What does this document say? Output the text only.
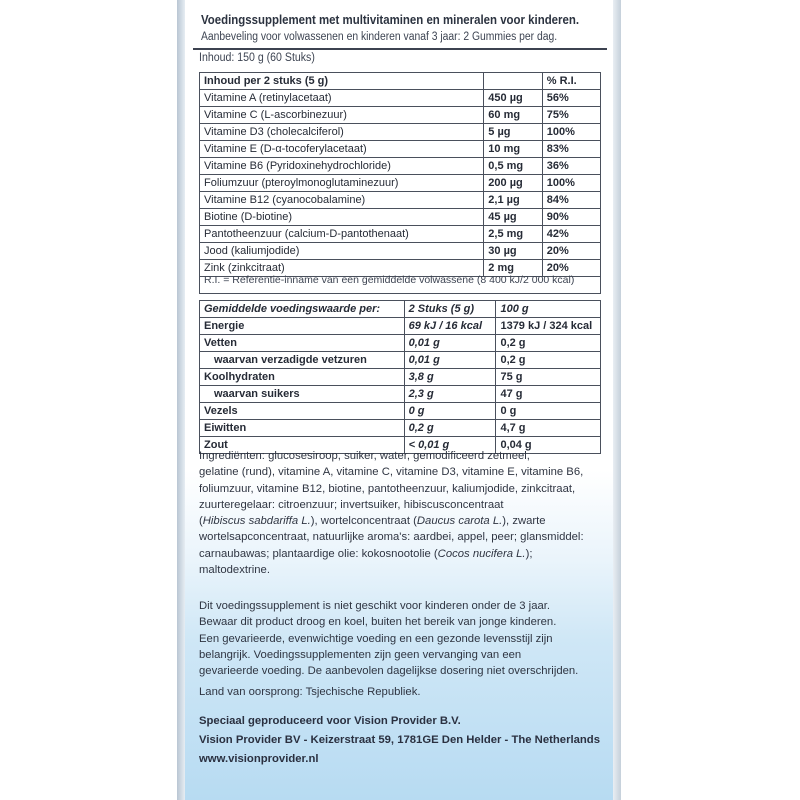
Voedingssupplement met multivitaminen en mineralen voor kinderen.
Aanbeveling voor volwassenen en kinderen vanaf 3 jaar: 2 Gummies per dag.
Inhoud: 150 g (60 Stuks)
Inhoud per 2 stuks (5 g)		% R.I.
Vitamine A (retinylacetaat)	450 µg	56%
Vitamine C (L-ascorbinezuur)	60 mg	75%
Vitamine D3 (cholecalciferol)	5 µg	100%
Vitamine E (D-α-tocoferylacetaat)	10 mg	83%
Vitamine B6 (Pyridoxinehydrochloride)	0,5 mg	36%
Foliumzuur (pteroylmonoglutaminezuur)	200 µg	100%
Vitamine B12 (cyanocobalamine)	2,1 µg	84%
Biotine (D-biotine)	45 µg	90%
Pantotheenzuur (calcium-D-pantothenaat)	2,5 mg	42%
Jood (kaliumjodide)	30 µg	20%
Zink (zinkcitraat)	2 mg	20%
R.I. = Referentie-inname van een gemiddelde volwassene (8 400 kJ/2 000 kcal)
Gemiddelde voedingswaarde per:	2 Stuks (5 g)	100 g
Energie	69 kJ / 16 kcal	1379 kJ / 324 kcal
Vetten	0,01 g	0,2 g
waarvan verzadigde vetzuren	0,01 g	0,2 g
Koolhydraten	3,8 g	75 g
waarvan suikers	2,3 g	47 g
Vezels	0 g	0 g
Eiwitten	0,2 g	4,7 g
Zout	< 0,01 g	0,04 g
Ingrediënten: glucosesiroop, suiker, water, gemodificeerd zetmeel,
gelatine (rund), vitamine A, vitamine C, vitamine D3, vitamine E, vitamine B6,
foliumzuur, vitamine B12, biotine, pantotheenzuur, kaliumjodide, zinkcitraat,
zuurteregelaar: citroenzuur; invertsuiker, hibiscusconcentraat
(Hibiscus sabdariffa L.), wortelconcentraat (Daucus carota L.), zwarte
wortelsapconcentraat, natuurlijke aroma's: aardbei, appel, peer; glansmiddel:
carnaubawas; plantaardige olie: kokosnootolie (Cocos nucifera L.);
maltodextrine.
Dit voedingssupplement is niet geschikt voor kinderen onder de 3 jaar.
Bewaar dit product droog en koel, buiten het bereik van jonge kinderen.
Een gevarieerde, evenwichtige voeding en een gezonde levensstijl zijn
belangrijk. Voedingssupplementen zijn geen vervanging van een
gevarieerde voeding. De aanbevolen dagelijkse dosering niet overschrijden.
Land van oorsprong: Tsjechische Republiek.
Speciaal geproduceerd voor Vision Provider B.V.
Vision Provider BV - Keizerstraat 59, 1781GE Den Helder - The Netherlands
www.visionprovider.nl
